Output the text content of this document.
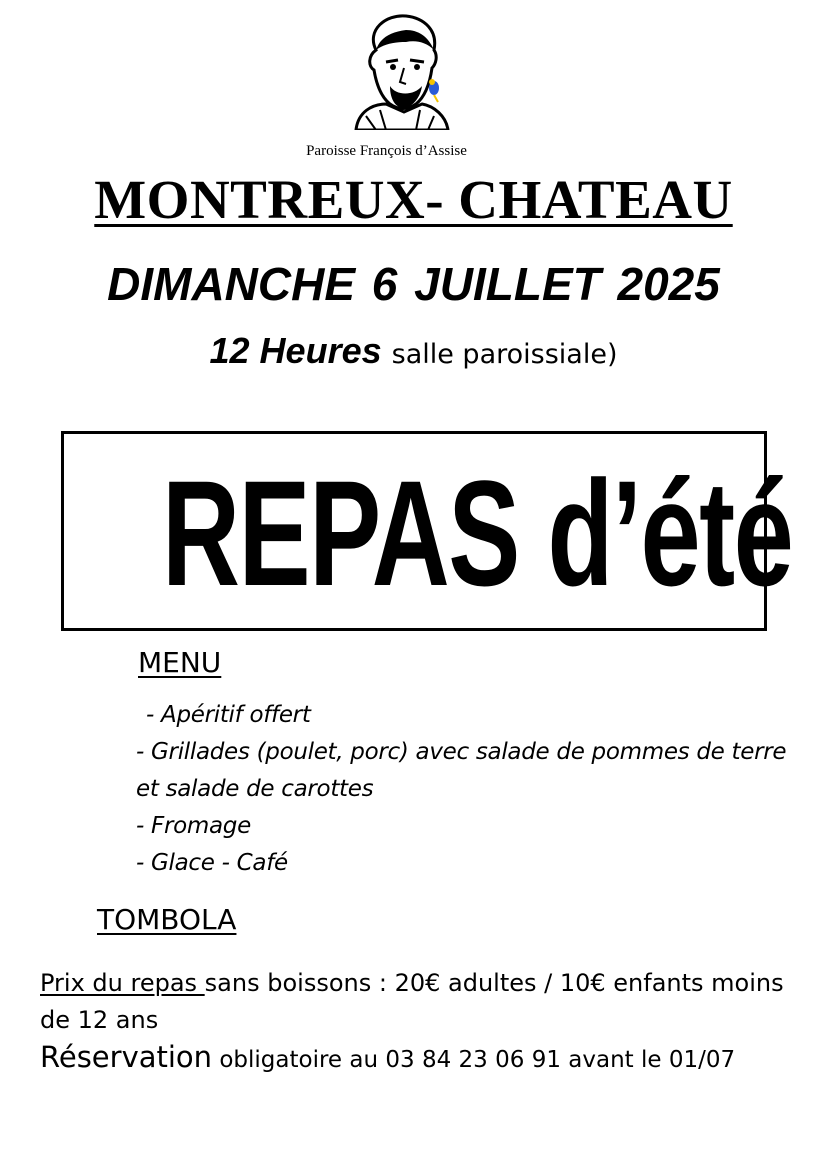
Paroisse François d’Assise
MONTREUX- CHATEAU
DIMANCHE 6 JUILLET 2025
12 Heures salle paroissiale)
REPAS d’été
MENU
- Apéritif offert
- Grillades (poulet, porc) avec salade de pommes de terre et salade de carottes
- Fromage
- Glace - Café
TOMBOLA
Prix du repas sans boissons : 20€ adultes / 10€ enfants moins de 12 ans
Réservation obligatoire au 03 84 23 06 91 avant le 01/07
